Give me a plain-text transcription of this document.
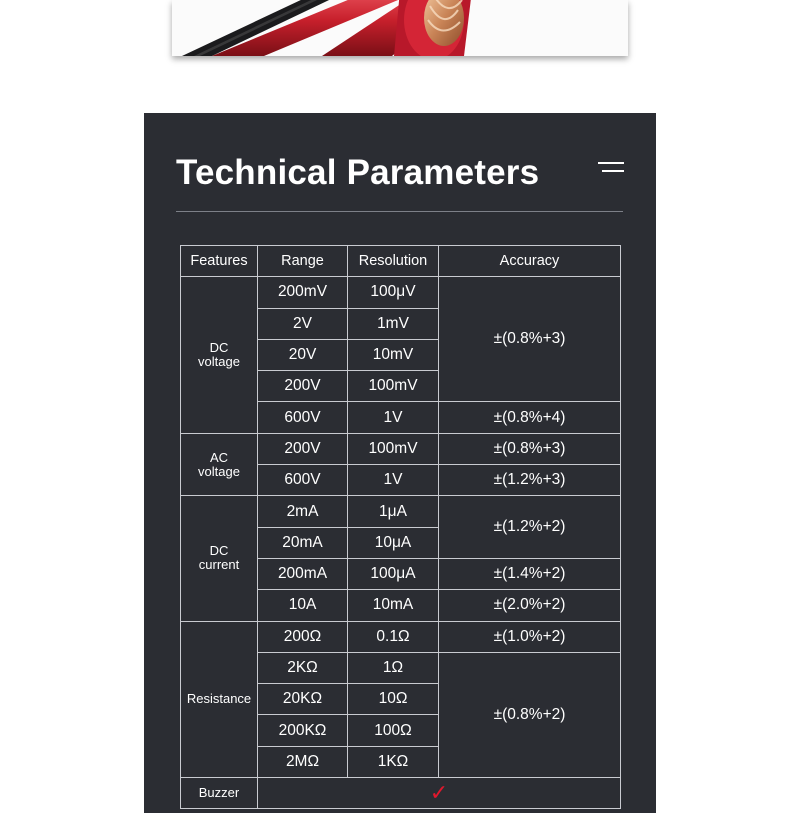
Technical Parameters
Features	Range	Resolution	Accuracy
DC
voltage	200mV	100μV	±(0.8%+3)
	2V	1mV	
	20V	10mV	
	200V	100mV	
	600V	1V	±(0.8%+4)
AC
voltage	200V	100mV	±(0.8%+3)
	600V	1V	±(1.2%+3)
DC
current	2mA	1μA	±(1.2%+2)
	20mA	10μA	
	200mA	100μA	±(1.4%+2)
	10A	10mA	±(2.0%+2)
Resistance	200Ω	0.1Ω	±(1.0%+2)
	2KΩ	1Ω	±(0.8%+2)
	20KΩ	10Ω	
	200KΩ	100Ω	
	2MΩ	1KΩ	
Buzzer	✓		
